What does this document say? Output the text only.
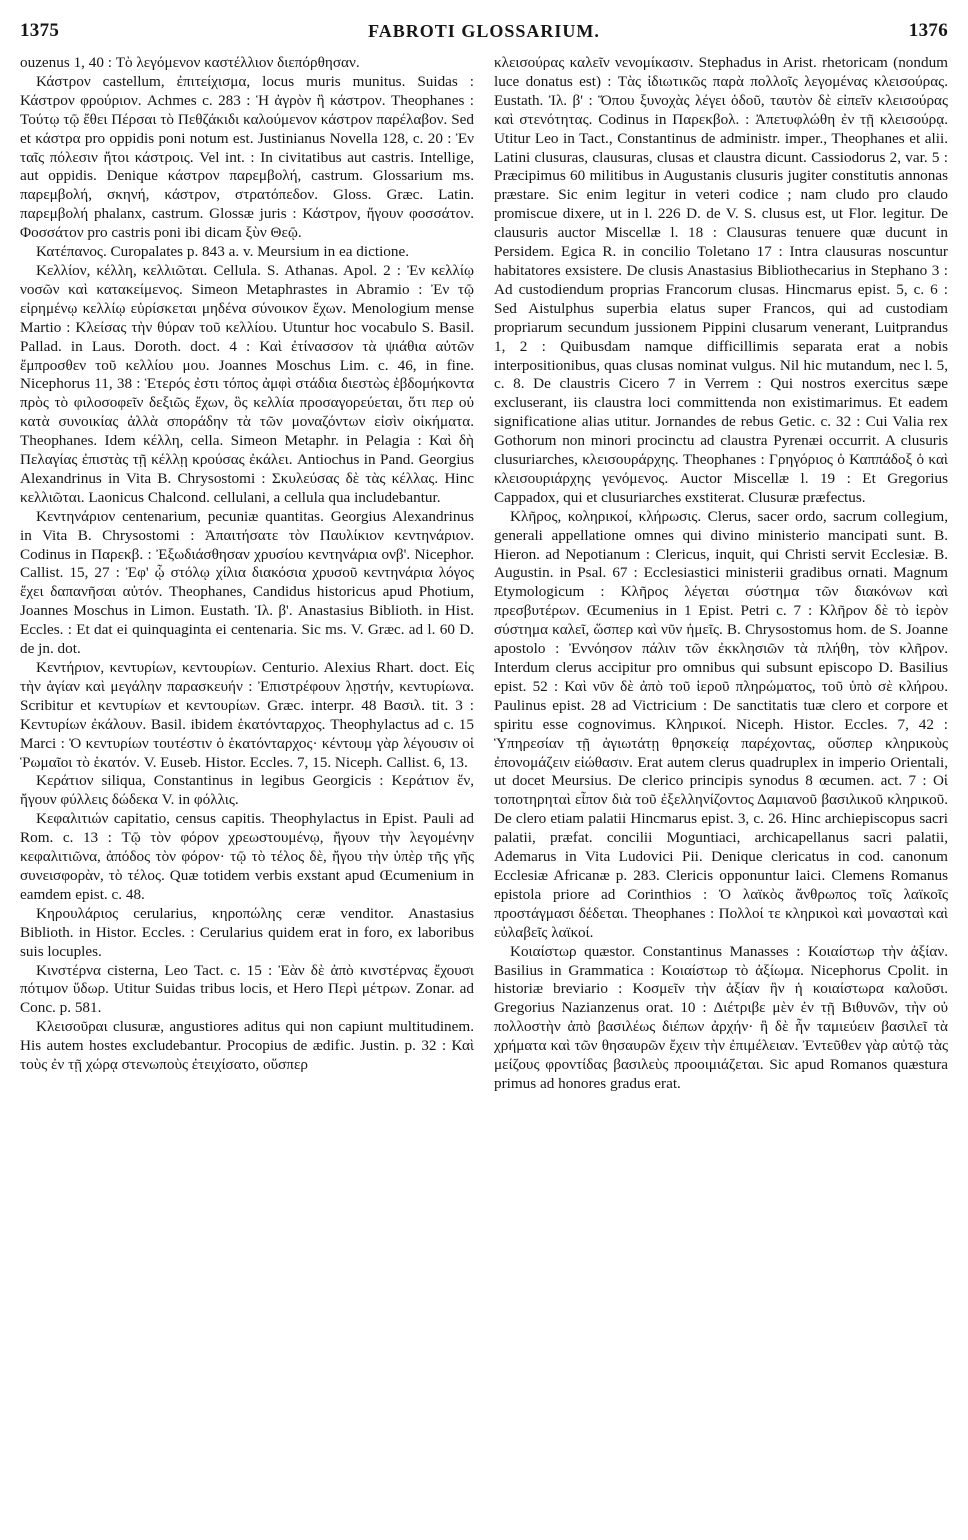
1375	FABROTI GLOSSARIUM.	1376

ouzenus 1, 40 : Τὸ λεγόμενον καστέλλιον διεπόρθησαν.

Κάστρον castellum, ἐπιτείχισμα, locus muris munitus. Suidas : Κάστρον φρούριον. Achmes c. 283 : Ἡ ἀγρὸν ἢ κάστρον. Theophanes : Τούτῳ τῷ ἔθει Πέρσαι τὸ Πεθζάκιδι καλούμενον κάστρον παρέλαβον. Sed et κάστρα pro oppidis poni notum est. Justinianus Novella 128, c. 20 : Ἐν ταῖς πόλεσιν ἤτοι κάστροις. Vel int. : In civitatibus aut castris. Intellige, aut oppidis. Denique κάστρον παρεμβολή, castrum. Glossarium ms. παρεμβολή, σκηνή, κάστρον, στρατόπεδον. Gloss. Græc. Latin. παρεμβολή phalanx, castrum. Glossæ juris : Κάστρον, ἤγουν φοσσάτον. Φοσσάτον pro castris poni ibi dicam ξὺν Θεῷ.

Κατέπανος. Curopalates p. 843 a. v. Meursium in ea dictione.

Κελλίον, κέλλη, κελλιῶται. Cellula. S. Athanas. Apol. 2 : Ἐν κελλίῳ νοσῶν καὶ κατακείμενος. Simeon Metaphrastes in Abramio : Ἐν τῷ εἰρημένῳ κελλίῳ εὑρίσκεται μηδένα σύνοικον ἔχων. Menologium mense Martio : Κλείσας τὴν θύραν τοῦ κελλίου. Utuntur hoc vocabulo S. Basil. Pallad. in Laus. Doroth. doct. 4 : Καὶ ἐτίνασσον τὰ ψιάθια αὐτῶν ἔμπροσθεν τοῦ κελλίου μου. Joannes Moschus Lim. c. 46, in fine. Nicephorus 11, 38 : Ἑτερός ἐστι τόπος ἀμφὶ στάδια διεστὼς ἑβδομήκοντα πρὸς τὸ φιλοσοφεῖν δεξιῶς ἔχων, ὃς κελλία προσαγορεύεται, ὅτι περ οὐ κατὰ συνοικίας ἀλλὰ σποράδην τὰ τῶν μοναζόντων εἰσὶν οἰκήματα. Theophanes. Idem κέλλη, cella. Simeon Metaphr. in Pelagia : Καὶ δὴ Πελαγίας ἐπιστὰς τῇ κέλλῃ κρούσας ἐκάλει. Antiochus in Pand. Georgius Alexandrinus in Vita B. Chrysostomi : Σκυλεύσας δὲ τὰς κέλλας. Hinc κελλιῶται. Laonicus Chalcond. cellulani, a cellula qua includebantur.

Κεντηνάριον centenarium, pecuniæ quantitas. Georgius Alexandrinus in Vita B. Chrysostomi : Ἀπαιτήσατε τὸν Παυλίκιον κεντηνάριον. Codinus in Παρεκβ. : Ἐξωδιάσθησαν χρυσίου κεντηνάρια ονβ'. Nicephor. Callist. 15, 27 : Ἐφ' ᾧ στόλῳ χίλια διακόσια χρυσοῦ κεντηνάρια λόγος ἔχει δαπανῆσαι αὐτόν. Theophanes, Candidus historicus apud Photium, Joannes Moschus in Limon. Eustath. Ἰλ. β'. Anastasius Biblioth. in Hist. Eccles. : Et dat ei quinquaginta ei centenaria. Sic ms. V. Græc. ad l. 60 D. de jn. dot.

Κεντήριον, κεντυρίων, κεντουρίων. Centurio. Alexius Rhart. doct. Εἰς τὴν ἁγίαν καὶ μεγάλην παρασκευήν : Ἐπιστρέφουν λῃστήν, κεντυρίωνα. Scribitur et κεντυρίων et κεντουρίων. Græc. interpr. 48 Βασιλ. tit. 3 : Κεντυρίων ἐκάλουν. Basil. ibidem ἑκατόνταρχος. Theophylactus ad c. 15 Marci : Ὁ κεντυρίων τουτέστιν ὁ ἑκατόνταρχος· κέντουμ γὰρ λέγουσιν οἱ Ῥωμαῖοι τὸ ἑκατόν. V. Euseb. Histor. Eccles. 7, 15. Niceph. Callist. 6, 13.

Κεράτιον siliqua, Constantinus in legibus Georgicis : Κεράτιον ἕν, ἤγουν φύλλεις δώδεκα V. in φόλλις.

Κεφαλιτιών capitatio, census capitis. Theophylactus in Epist. Pauli ad Rom. c. 13 : Τῷ τὸν φόρον χρεωστουμένῳ, ἤγουν τὴν λεγομένην κεφαλιτιῶνα, ἀπόδος τὸν φόρον· τῷ τὸ τέλος δὲ, ἤγου τὴν ὑπὲρ τῆς γῆς συνεισφορὰν, τὸ τέλος. Quæ totidem verbis exstant apud Œcumenium in eamdem epist. c. 48.

Κηρουλάριος cerularius, κηροπώλης ceræ venditor. Anastasius Biblioth. in Histor. Eccles. : Cerularius quidem erat in foro, ex laboribus suis locuples.

Κινστέρνα cisterna, Leo Tact. c. 15 : Ἐὰν δὲ ἀπὸ κινστέρνας ἔχουσι πότιμον ὕδωρ. Utitur Suidas tribus locis, et Hero Περὶ μέτρων. Zonar. ad Conc. p. 581.

Κλεισοῦραι clusuræ, angustiores aditus qui non capiunt multitudinem. His autem hostes excludebantur. Procopius de ædific. Justin. p. 32 : Καὶ τοὺς ἐν τῇ χώρᾳ στενωποὺς ἐτειχίσατο, οὕσπερ

κλεισούρας καλεῖν νενομίκασιν. Stephadus in Arist. rhetoricam (nondum luce donatus est) : Τὰς ἰδιωτικῶς παρὰ πολλοῖς λεγομένας κλεισούρας. Eustath. Ἰλ. β' : Ὅπου ξυνοχὰς λέγει ὁδοῦ, ταυτὸν δὲ εἰπεῖν κλεισούρας καὶ στενότητας. Codinus in Παρεκβολ. : Ἀπετυφλώθη ἐν τῇ κλεισούρᾳ. Utitur Leo in Tact., Constantinus de administr. imper., Theophanes et alii. Latini clusuras, clausuras, clusas et claustra dicunt. Cassiodorus 2, var. 5 : Præcipimus 60 militibus in Augustanis clusuris jugiter constitutis annonas præstare. Sic enim legitur in veteri codice ; nam cludo pro claudo promiscue dixere, ut in l. 226 D. de V. S. clusus est, ut Flor. legitur. De clausuris auctor Miscellæ l. 18 : Clausuras tenuere quæ ducunt in Persidem. Egica R. in concilio Toletano 17 : Intra clausuras noscuntur habitatores exsistere. De clusis Anastasius Bibliothecarius in Stephano 3 : Ad custodiendum proprias Francorum clusas. Hincmarus epist. 5, c. 6 : Sed Aistulphus superbia elatus super Francos, qui ad custodiam propriarum secundum jussionem Pippini clusarum venerant, Luitprandus 1, 2 : Quibusdam namque difficillimis separata erat a nobis interpositionibus, quas clusas nominat vulgus. Nil hic mutandum, nec l. 5, c. 8. De claustris Cicero 7 in Verrem : Qui nostros exercitus sæpe excluserant, iis claustra loci committenda non existimarimus. Et eadem significatione alias utitur. Jornandes de rebus Getic. c. 32 : Cui Valia rex Gothorum non minori procinctu ad claustra Pyrenæi occurrit. A clusuris clusuriarches, κλεισουράρχης. Theophanes : Γρηγόριος ὁ Καππάδοξ ὁ καὶ κλεισουριάρχης γενόμενος. Auctor Miscellæ l. 19 : Et Gregorius Cappadox, qui et clusuriarches exstiterat. Clusuræ præfectus.

Κλῆρος, κοληρικοί, κλήρωσις. Clerus, sacer ordo, sacrum collegium, generali appellatione omnes qui divino ministerio mancipati sunt. B. Hieron. ad Nepotianum : Clericus, inquit, qui Christi servit Ecclesiæ. B. Augustin. in Psal. 67 : Ecclesiastici ministerii gradibus ornati. Magnum Etymologicum : Κλῆρος λέγεται σύστημα τῶν διακόνων καὶ πρεσβυτέρων. Œcumenius in 1 Epist. Petri c. 7 : Κλῆρον δὲ τὸ ἱερὸν σύστημα καλεῖ, ὥσπερ καὶ νῦν ἡμεῖς. B. Chrysostomus hom. de S. Joanne apostolo : Ἐννόησον πάλιν τῶν ἐκκλησιῶν τὰ πλήθη, τὸν κλῆρον. Interdum clerus accipitur pro omnibus qui subsunt episcopo D. Basilius epist. 52 : Καὶ νῦν δὲ ἀπὸ τοῦ ἱεροῦ πληρώματος, τοῦ ὑπὸ σὲ κλήρου. Paulinus epist. 28 ad Victricium : De sanctitatis tuæ clero et corpore et spiritu esse cognovimus. Κληρικοί. Niceph. Histor. Eccles. 7, 42 : Ὑπηρεσίαν τῇ ἁγιωτάτῃ θρησκείᾳ παρέχοντας, οὕσπερ κληρικοὺς ἐπονομάζειν εἰώθασιν. Erat autem clerus quadruplex in imperio Orientali, ut docet Meursius. De clerico principis synodus 8 œcumen. act. 7 : Οἱ τοποτηρηταὶ εἶπον διὰ τοῦ ἐξελληνίζοντος Δαμιανοῦ βασιλικοῦ κληρικοῦ. De clero etiam palatii Hincmarus epist. 3, c. 26. Hinc archiepiscopus sacri palatii, præfat. concilii Moguntiaci, archicapellanus sacri palatii, Ademarus in Vita Ludovici Pii. Denique clericatus in cod. canonum Ecclesiæ Africanæ p. 283. Clericis opponuntur laici. Clemens Romanus epistola priore ad Corinthios : Ὁ λαϊκὸς ἄνθρωπος τοῖς λαϊκοῖς προστάγμασι δέδεται. Theophanes : Πολλοί τε κληρικοὶ καὶ μονασταὶ καὶ εὐλαβεῖς λαϊκοί.

Κοιαίστωρ quæstor. Constantinus Manasses : Κοιαίστωρ τὴν ἀξίαν. Basilius in Grammatica : Κοιαίστωρ τὸ ἀξίωμα. Nicephorus Cpolit. in historiæ breviario : Κοσμεῖν τὴν ἀξίαν ἣν ἡ κοιαίστωρα καλοῦσι. Gregorius Nazianzenus orat. 10 : Διέτριβε μὲν ἐν τῇ Βιθυνῶν, τὴν οὐ πολλοστὴν ἀπὸ βασιλέως διέπων ἀρχήν· ἣ δὲ ἦν ταμιεύειν βασιλεῖ τὰ χρήματα καὶ τῶν θησαυρῶν ἔχειν τὴν ἐπιμέλειαν. Ἐντεῦθεν γὰρ αὐτῷ τὰς μείζους φροντίδας βασιλεὺς προοιμιάζεται. Sic apud Romanos quæstura primus ad honores gradus erat.
